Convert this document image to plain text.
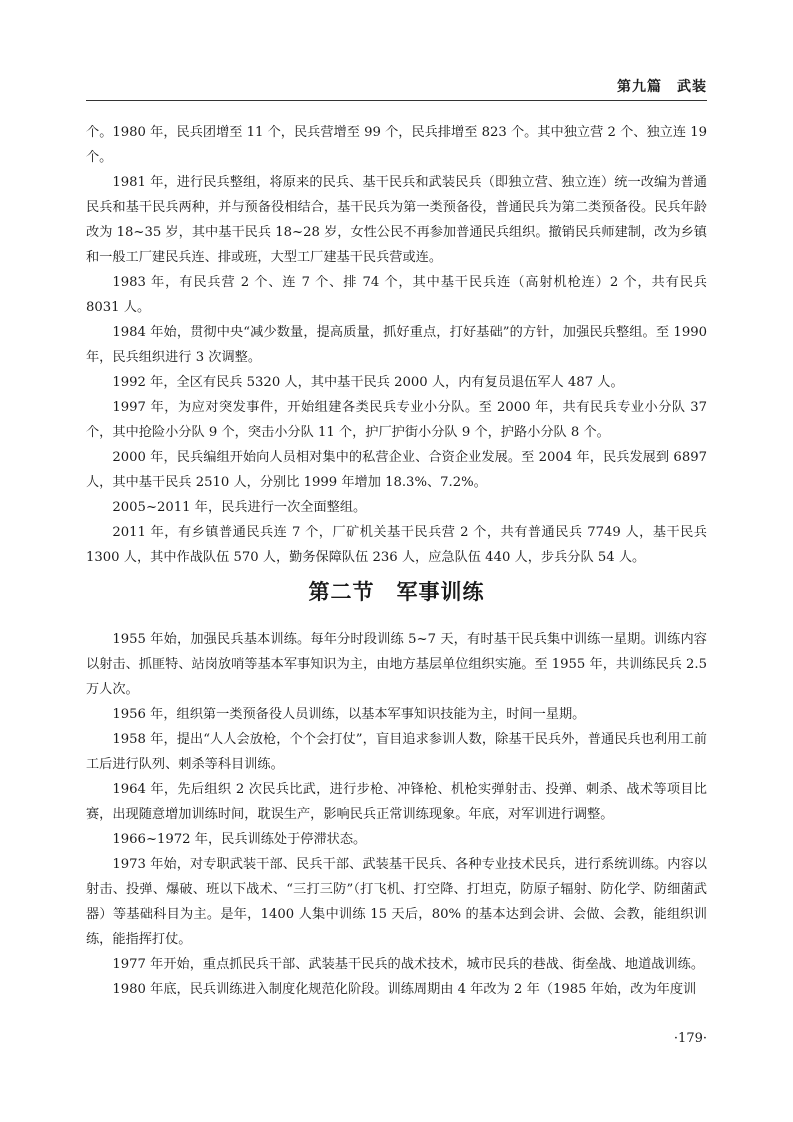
第九篇　武装

个。1980 年，民兵团增至 11 个，民兵营增至 99 个，民兵排增至 823 个。其中独立营 2 个、独立连 19 个。

1981 年，进行民兵整组，将原来的民兵、基干民兵和武装民兵（即独立营、独立连）统一改编为普通民兵和基干民兵两种，并与预备役相结合，基干民兵为第一类预备役，普通民兵为第二类预备役。民兵年龄改为 18~35 岁，其中基干民兵 18~28 岁，女性公民不再参加普通民兵组织。撤销民兵师建制，改为乡镇和一般工厂建民兵连、排或班，大型工厂建基干民兵营或连。

1983 年，有民兵营 2 个、连 7 个、排 74 个，其中基干民兵连（高射机枪连）2 个，共有民兵 8031 人。

1984 年始，贯彻中央“减少数量，提高质量，抓好重点，打好基础”的方针，加强民兵整组。至 1990 年，民兵组织进行 3 次调整。

1992 年，全区有民兵 5320 人，其中基干民兵 2000 人，内有复员退伍军人 487 人。

1997 年，为应对突发事件，开始组建各类民兵专业小分队。至 2000 年，共有民兵专业小分队 37 个，其中抢险小分队 9 个，突击小分队 11 个，护厂护街小分队 9 个，护路小分队 8 个。

2000 年，民兵编组开始向人员相对集中的私营企业、合资企业发展。至 2004 年，民兵发展到 6897 人，其中基干民兵 2510 人，分别比 1999 年增加 18.3%、7.2%。

2005~2011 年，民兵进行一次全面整组。

2011 年，有乡镇普通民兵连 7 个，厂矿机关基干民兵营 2 个，共有普通民兵 7749 人，基干民兵 1300 人，其中作战队伍 570 人，勤务保障队伍 236 人，应急队伍 440 人，步兵分队 54 人。

第二节　军事训练

1955 年始，加强民兵基本训练。每年分时段训练 5~7 天，有时基干民兵集中训练一星期。训练内容以射击、抓匪特、站岗放哨等基本军事知识为主，由地方基层单位组织实施。至 1955 年，共训练民兵 2.5 万人次。

1956 年，组织第一类预备役人员训练，以基本军事知识技能为主，时间一星期。

1958 年，提出“人人会放枪，个个会打仗”，盲目追求参训人数，除基干民兵外，普通民兵也利用工前工后进行队列、刺杀等科目训练。

1964 年，先后组织 2 次民兵比武，进行步枪、冲锋枪、机枪实弹射击、投弹、刺杀、战术等项目比赛，出现随意增加训练时间，耽误生产，影响民兵正常训练现象。年底，对军训进行调整。

1966~1972 年，民兵训练处于停滞状态。

1973 年始，对专职武装干部、民兵干部、武装基干民兵、各种专业技术民兵，进行系统训练。内容以射击、投弹、爆破、班以下战术、“三打三防”（打飞机、打空降、打坦克，防原子辐射、防化学、防细菌武器）等基础科目为主。是年，1400 人集中训练 15 天后，80% 的基本达到会讲、会做、会教，能组织训练，能指挥打仗。

1977 年开始，重点抓民兵干部、武装基干民兵的战术技术，城市民兵的巷战、街垒战、地道战训练。

1980 年底，民兵训练进入制度化规范化阶段。训练周期由 4 年改为 2 年（1985 年始，改为年度训

·179·
